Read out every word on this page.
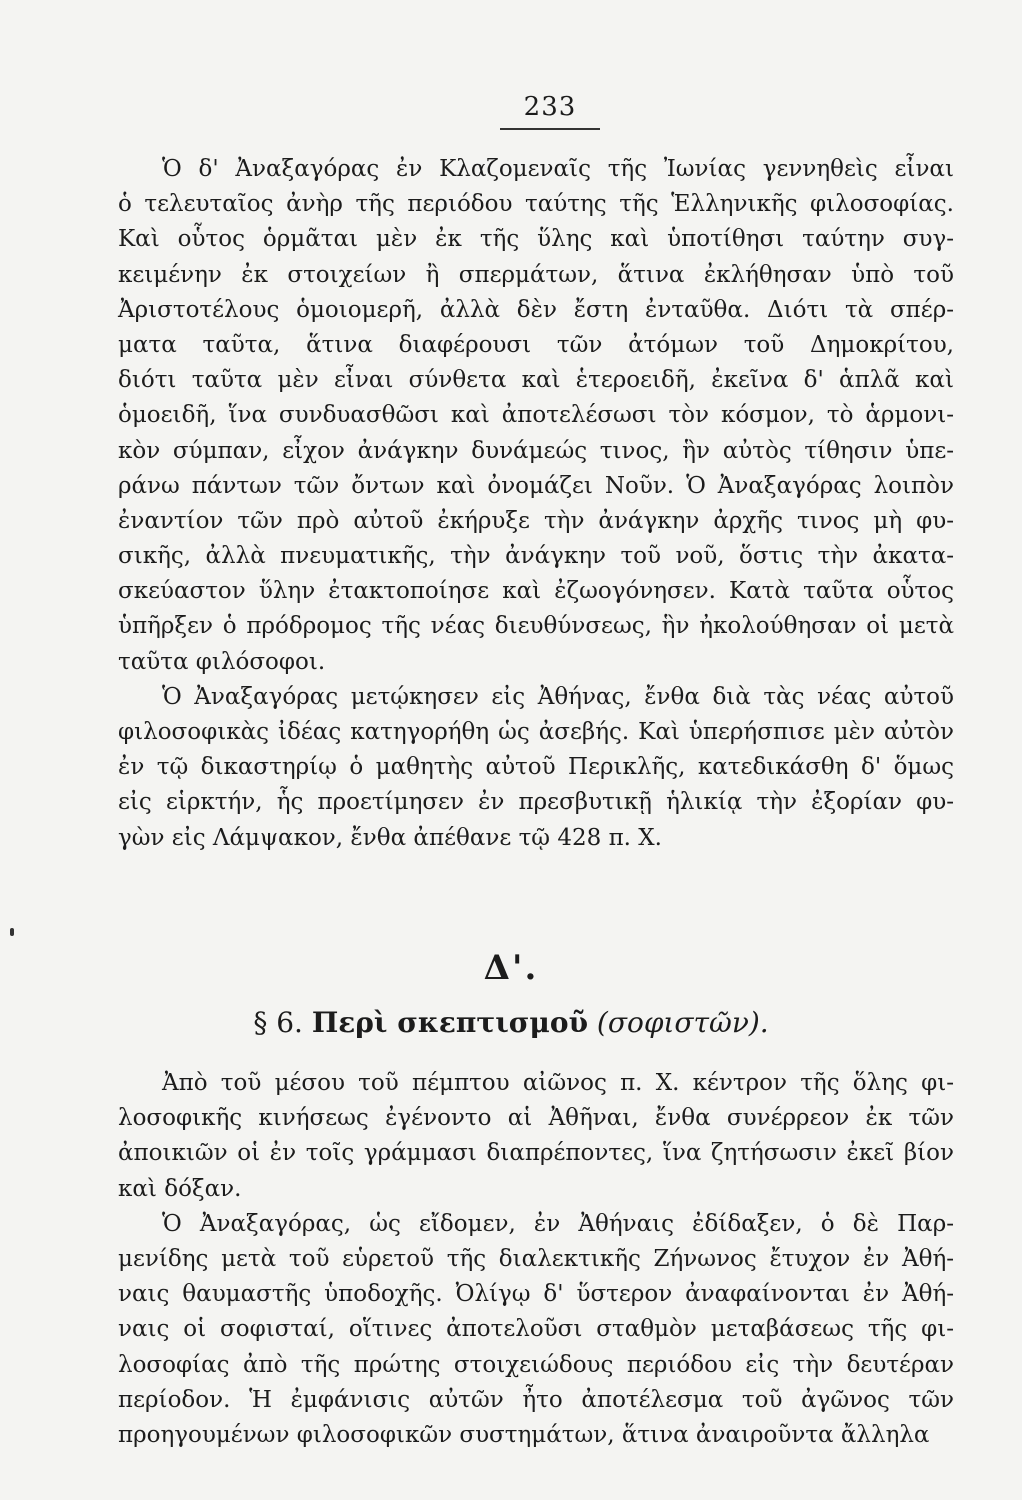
233
Ὁ δ' Ἀναξαγόρας ἐν Κλαζομεναῖς τῆς Ἰωνίας γεννηθεὶς εἶναι
ὁ τελευταῖος ἀνὴρ τῆς περιόδου ταύτης τῆς Ἑλληνικῆς φιλοσοφίας.
Καὶ οὗτος ὁρμᾶται μὲν ἐκ τῆς ὕλης καὶ ὑποτίθησι ταύτην συγ-
κειμένην ἐκ στοιχείων ἢ σπερμάτων, ἅτινα ἐκλήθησαν ὑπὸ τοῦ
Ἀριστοτέλους ὁμοιομερῆ, ἀλλὰ δὲν ἔστη ἐνταῦθα. Διότι τὰ σπέρ-
ματα ταῦτα, ἅτινα διαφέρουσι τῶν ἀτόμων τοῦ Δημοκρίτου,
διότι ταῦτα μὲν εἶναι σύνθετα καὶ ἑτεροειδῆ, ἐκεῖνα δ' ἁπλᾶ καὶ
ὁμοειδῆ, ἵνα συνδυασθῶσι καὶ ἀποτελέσωσι τὸν κόσμον, τὸ ἁρμονι-
κὸν σύμπαν, εἶχον ἀνάγκην δυνάμεώς τινος, ἣν αὐτὸς τίθησιν ὑπε-
ράνω πάντων τῶν ὄντων καὶ ὀνομάζει Νοῦν. Ὁ Ἀναξαγόρας λοιπὸν
ἐναντίον τῶν πρὸ αὐτοῦ ἐκήρυξε τὴν ἀνάγκην ἀρχῆς τινος μὴ φυ-
σικῆς, ἀλλὰ πνευματικῆς, τὴν ἀνάγκην τοῦ νοῦ, ὅστις τὴν ἀκατα-
σκεύαστον ὕλην ἐτακτοποίησε καὶ ἐζωογόνησεν. Κατὰ ταῦτα οὗτος
ὑπῆρξεν ὁ πρόδρομος τῆς νέας διευθύνσεως, ἣν ἠκολούθησαν οἱ μετὰ
ταῦτα φιλόσοφοι.
Ὁ Ἀναξαγόρας μετῴκησεν εἰς Ἀθήνας, ἔνθα διὰ τὰς νέας αὐτοῦ
φιλοσοφικὰς ἰδέας κατηγορήθη ὡς ἀσεβής. Καὶ ὑπερήσπισε μὲν αὐτὸν
ἐν τῷ δικαστηρίῳ ὁ μαθητὴς αὐτοῦ Περικλῆς, κατεδικάσθη δ' ὅμως
εἰς εἱρκτήν, ἧς προετίμησεν ἐν πρεσβυτικῇ ἡλικίᾳ τὴν ἐξορίαν φυ-
γὼν εἰς Λάμψακον, ἔνθα ἀπέθανε τῷ 428 π. Χ.
Δ'.
§ 6. Περὶ σκεπτισμοῦ (σοφιστῶν).
Ἀπὸ τοῦ μέσου τοῦ πέμπτου αἰῶνος π. Χ. κέντρον τῆς ὅλης φι-
λοσοφικῆς κινήσεως ἐγένοντο αἱ Ἀθῆναι, ἔνθα συνέρρεον ἐκ τῶν
ἀποικιῶν οἱ ἐν τοῖς γράμμασι διαπρέποντες, ἵνα ζητήσωσιν ἐκεῖ βίον
καὶ δόξαν.
Ὁ Ἀναξαγόρας, ὡς εἴδομεν, ἐν Ἀθήναις ἐδίδαξεν, ὁ δὲ Παρ-
μενίδης μετὰ τοῦ εὑρετοῦ τῆς διαλεκτικῆς Ζήνωνος ἔτυχον ἐν Ἀθή-
ναις θαυμαστῆς ὑποδοχῆς. Ὀλίγῳ δ' ὕστερον ἀναφαίνονται ἐν Ἀθή-
ναις οἱ σοφισταί, οἵτινες ἀποτελοῦσι σταθμὸν μεταβάσεως τῆς φι-
λοσοφίας ἀπὸ τῆς πρώτης στοιχειώδους περιόδου εἰς τὴν δευτέραν
περίοδον. Ἡ ἐμφάνισις αὐτῶν ἦτο ἀποτέλεσμα τοῦ ἀγῶνος τῶν
προηγουμένων φιλοσοφικῶν συστημάτων, ἅτινα ἀναιροῦντα ἄλληλα
